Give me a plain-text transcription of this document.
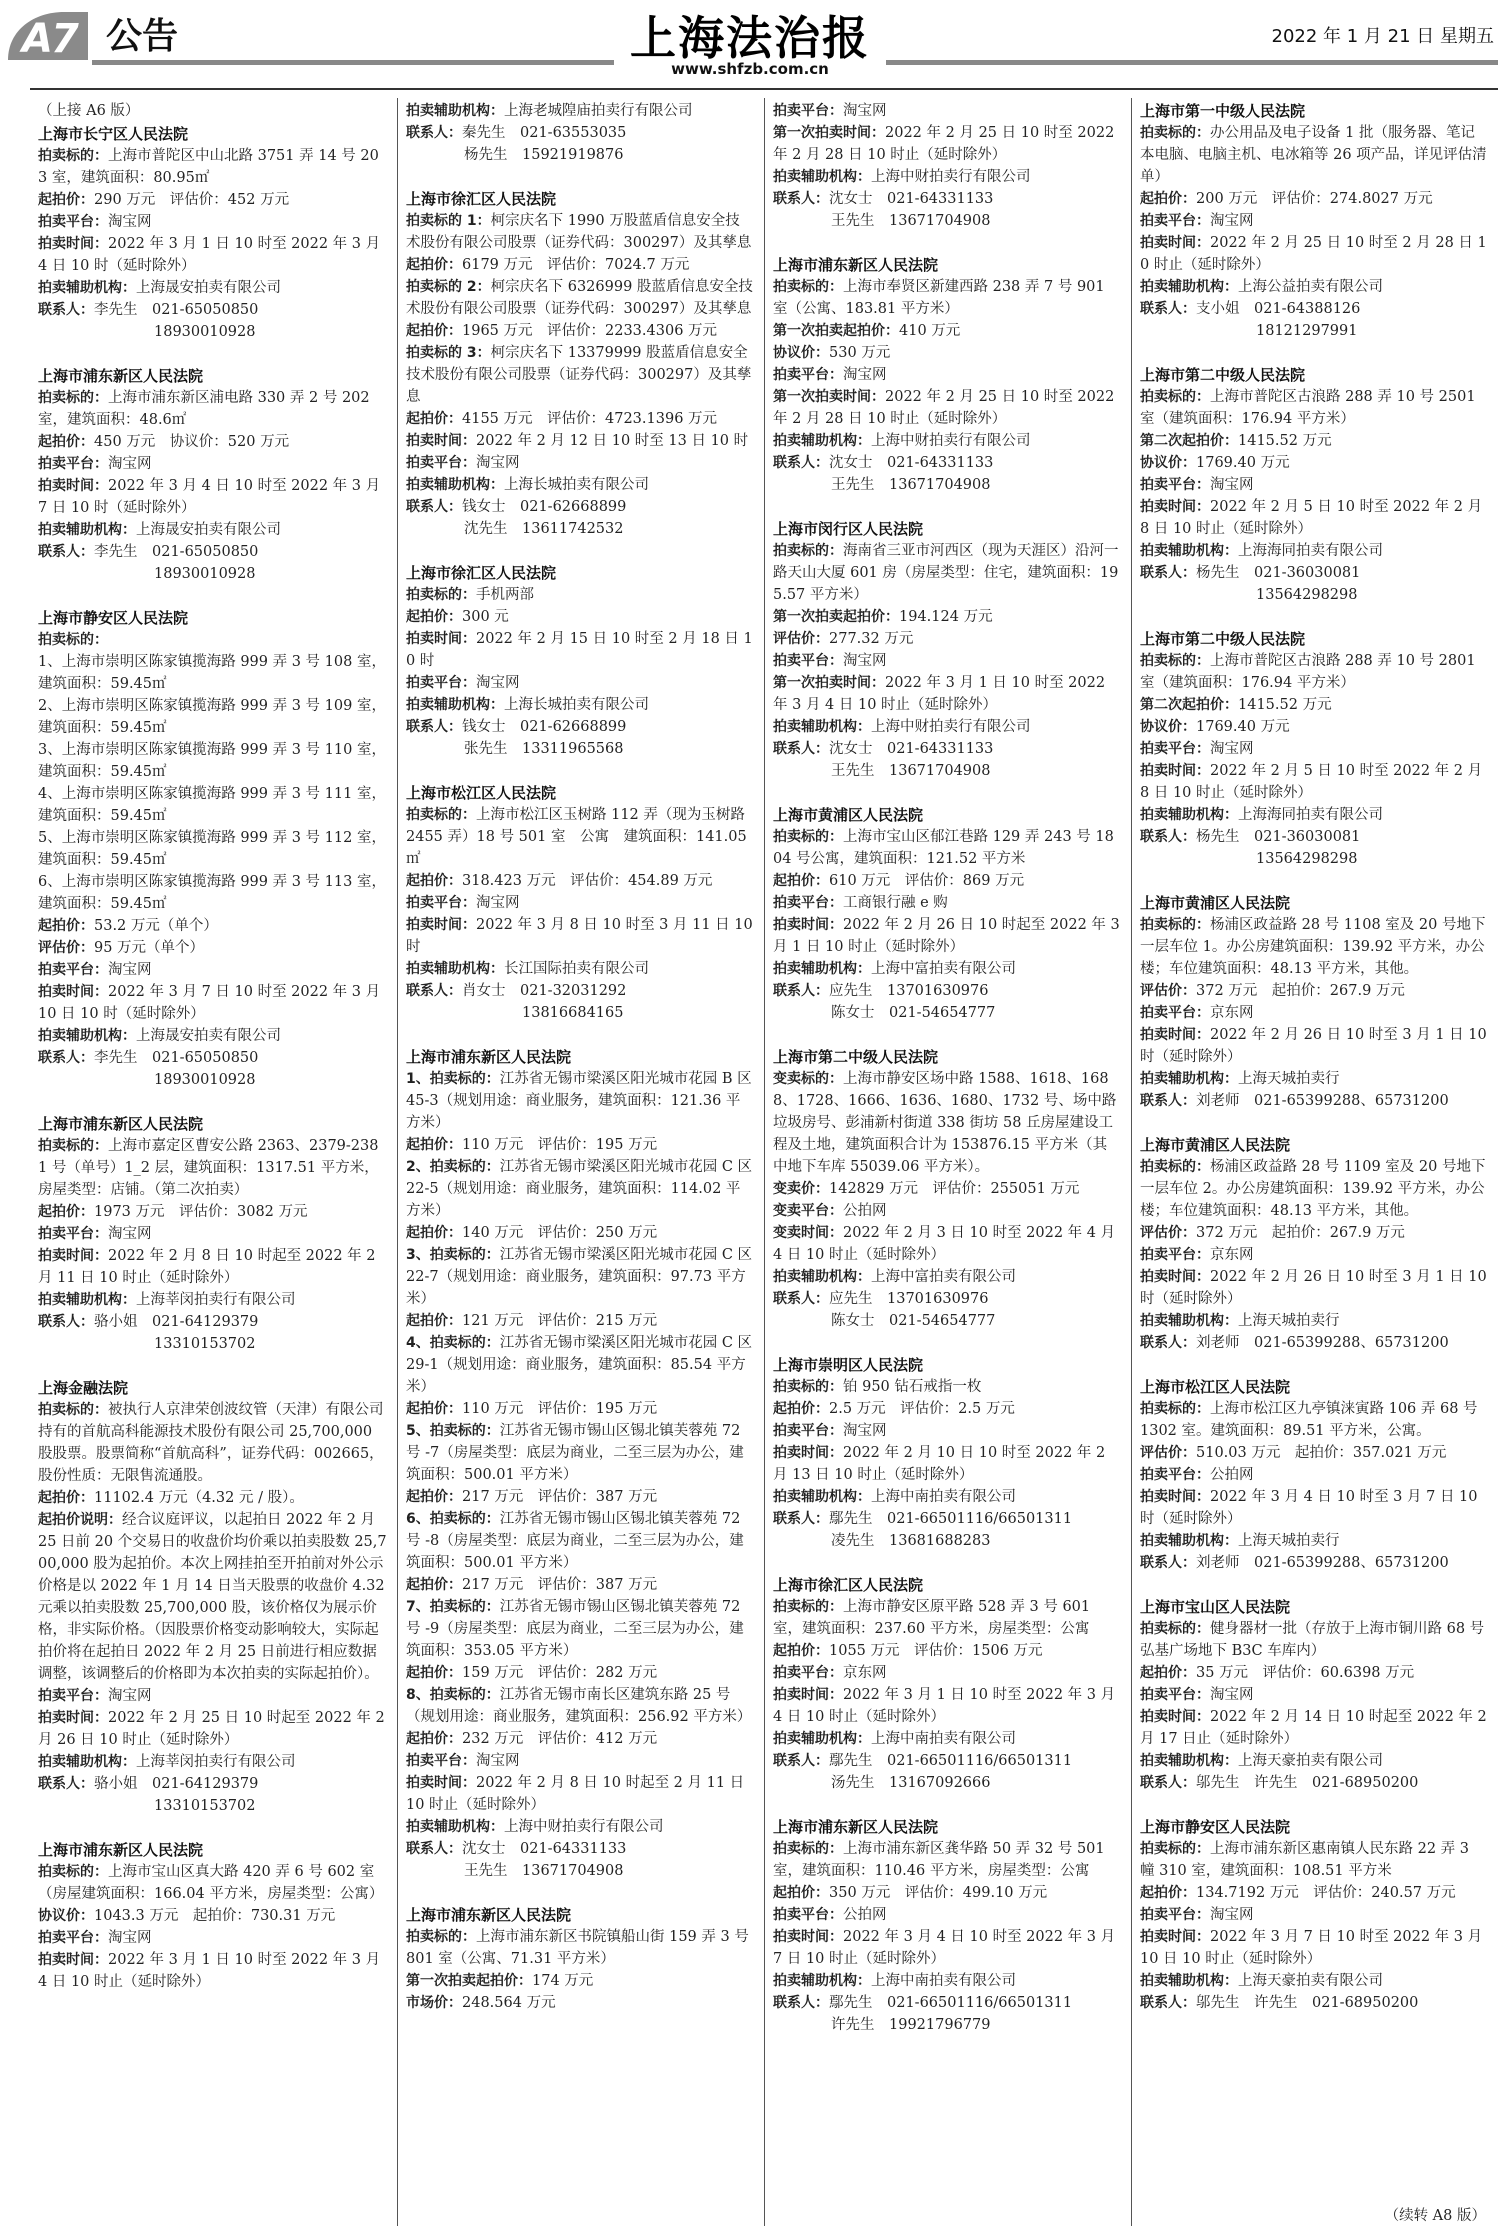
A7 公告	上海法治报
www.shfzb.com.cn
2022 年 1 月 21 日 星期五
（上接 A6 版）
上海市长宁区人民法院
拍卖标的：上海市普陀区中山北路 3751 弄 14 号 203 室，建筑面积：80.95㎡
起拍价：290 万元　评估价：452 万元
拍卖平台：淘宝网
拍卖时间：2022 年 3 月 1 日 10 时至 2022 年 3 月 4 日 10 时（延时除外）
拍卖辅助机构：上海晟安拍卖有限公司
联系人：李先生　021-65050850
　　　　　　　　18930010928
上海市浦东新区人民法院
拍卖标的：上海市浦东新区浦电路 330 弄 2 号 202 室，建筑面积：48.6㎡
起拍价：450 万元　协议价：520 万元
拍卖平台：淘宝网
拍卖时间：2022 年 3 月 4 日 10 时至 2022 年 3 月 7 日 10 时（延时除外）
拍卖辅助机构：上海晟安拍卖有限公司
联系人：李先生　021-65050850
　　　　　　　　18930010928
上海市静安区人民法院
拍卖标的：
1、上海市崇明区陈家镇揽海路 999 弄 3 号 108 室，建筑面积：59.45㎡
2、上海市崇明区陈家镇揽海路 999 弄 3 号 109 室，建筑面积：59.45㎡
3、上海市崇明区陈家镇揽海路 999 弄 3 号 110 室，建筑面积：59.45㎡
4、上海市崇明区陈家镇揽海路 999 弄 3 号 111 室，建筑面积：59.45㎡
5、上海市崇明区陈家镇揽海路 999 弄 3 号 112 室，建筑面积：59.45㎡
6、上海市崇明区陈家镇揽海路 999 弄 3 号 113 室，建筑面积：59.45㎡
起拍价：53.2 万元（单个）
评估价：95 万元（单个）
拍卖平台：淘宝网
拍卖时间：2022 年 3 月 7 日 10 时至 2022 年 3 月 10 日 10 时（延时除外）
拍卖辅助机构：上海晟安拍卖有限公司
联系人：李先生　021-65050850
　　　　　　　　18930010928
上海市浦东新区人民法院
拍卖标的：上海市嘉定区曹安公路 2363、2379-2381 号（单号）1_2 层，建筑面积：1317.51 平方米，房屋类型：店铺。（第二次拍卖）
起拍价：1973 万元　评估价：3082 万元
拍卖平台：淘宝网
拍卖时间：2022 年 2 月 8 日 10 时起至 2022 年 2 月 11 日 10 时止（延时除外）
拍卖辅助机构：上海莘闵拍卖行有限公司
联系人：骆小姐　021-64129379
　　　　　　　　13310153702
上海金融法院
拍卖标的：被执行人京津荣创波纹管（天津）有限公司持有的首航高科能源技术股份有限公司 25,700,000 股股票。股票简称“首航高科”，证券代码：002665，股份性质：无限售流通股。
起拍价：11102.4 万元（4.32 元 / 股）。
起拍价说明：经合议庭评议，以起拍日 2022 年 2 月 25 日前 20 个交易日的收盘价均价乘以拍卖股数 25,700,000 股为起拍价。本次上网挂拍至开拍前对外公示价格是以 2022 年 1 月 14 日当天股票的收盘价 4.32 元乘以拍卖股数 25,700,000 股，该价格仅为展示价格，非实际价格。（因股票价格变动影响较大，实际起拍价将在起拍日 2022 年 2 月 25 日前进行相应数据调整，该调整后的价格即为本次拍卖的实际起拍价）。
拍卖平台：淘宝网
拍卖时间：2022 年 2 月 25 日 10 时起至 2022 年 2 月 26 日 10 时止（延时除外）
拍卖辅助机构：上海莘闵拍卖行有限公司
联系人：骆小姐　021-64129379
　　　　　　　　13310153702
上海市浦东新区人民法院
拍卖标的：上海市宝山区真大路 420 弄 6 号 602 室（房屋建筑面积：166.04 平方米，房屋类型：公寓）
协议价：1043.3 万元　起拍价：730.31 万元
拍卖平台：淘宝网
拍卖时间：2022 年 3 月 1 日 10 时至 2022 年 3 月 4 日 10 时止（延时除外）
拍卖辅助机构：上海老城隍庙拍卖行有限公司
联系人：秦先生　021-63553035
　　　　杨先生　15921919876
上海市徐汇区人民法院
拍卖标的 1：柯宗庆名下 1990 万股蓝盾信息安全技术股份有限公司股票（证券代码：300297）及其孳息
起拍价：6179 万元　评估价：7024.7 万元
拍卖标的 2：柯宗庆名下 6326999 股蓝盾信息安全技术股份有限公司股票（证券代码：300297）及其孳息
起拍价：1965 万元　评估价：2233.4306 万元
拍卖标的 3：柯宗庆名下 13379999 股蓝盾信息安全技术股份有限公司股票（证券代码：300297）及其孳息
起拍价：4155 万元　评估价：4723.1396 万元
拍卖时间：2022 年 2 月 12 日 10 时至 13 日 10 时
拍卖平台：淘宝网
拍卖辅助机构：上海长城拍卖有限公司
联系人：钱女士　021-62668899
　　　　沈先生　13611742532
上海市徐汇区人民法院
拍卖标的：手机两部
起拍价：300 元
拍卖时间：2022 年 2 月 15 日 10 时至 2 月 18 日 10 时
拍卖平台：淘宝网
拍卖辅助机构：上海长城拍卖有限公司
联系人：钱女士　021-62668899
　　　　张先生　13311965568
上海市松江区人民法院
拍卖标的：上海市松江区玉树路 112 弄（现为玉树路 2455 弄）18 号 501 室　公寓　建筑面积：141.05㎡
起拍价：318.423 万元　评估价：454.89 万元
拍卖平台：淘宝网
拍卖时间：2022 年 3 月 8 日 10 时至 3 月 11 日 10 时
拍卖辅助机构：长江国际拍卖有限公司
联系人：肖女士　021-32031292
　　　　　　　　13816684165
上海市浦东新区人民法院
1、拍卖标的：江苏省无锡市梁溪区阳光城市花园 B 区 45-3（规划用途：商业服务，建筑面积：121.36 平方米）
起拍价：110 万元　评估价：195 万元
2、拍卖标的：江苏省无锡市梁溪区阳光城市花园 C 区 22-5（规划用途：商业服务，建筑面积：114.02 平方米）
起拍价：140 万元　评估价：250 万元
3、拍卖标的：江苏省无锡市梁溪区阳光城市花园 C 区 22-7（规划用途：商业服务，建筑面积：97.73 平方米）
起拍价：121 万元　评估价：215 万元
4、拍卖标的：江苏省无锡市梁溪区阳光城市花园 C 区 29-1（规划用途：商业服务，建筑面积：85.54 平方米）
起拍价：110 万元　评估价：195 万元
5、拍卖标的：江苏省无锡市锡山区锡北镇芙蓉苑 72 号 -7（房屋类型：底层为商业，二至三层为办公，建筑面积：500.01 平方米）
起拍价：217 万元　评估价：387 万元
6、拍卖标的：江苏省无锡市锡山区锡北镇芙蓉苑 72 号 -8（房屋类型：底层为商业，二至三层为办公，建筑面积：500.01 平方米）
起拍价：217 万元　评估价：387 万元
7、拍卖标的：江苏省无锡市锡山区锡北镇芙蓉苑 72 号 -9（房屋类型：底层为商业，二至三层为办公，建筑面积：353.05 平方米）
起拍价：159 万元　评估价：282 万元
8、拍卖标的：江苏省无锡市南长区建筑东路 25 号（规划用途：商业服务，建筑面积：256.92 平方米）
起拍价：232 万元　评估价：412 万元
拍卖平台：淘宝网
拍卖时间：2022 年 2 月 8 日 10 时起至 2 月 11 日 10 时止（延时除外）
拍卖辅助机构：上海中财拍卖行有限公司
联系人：沈女士　021-64331133
　　　　王先生　13671704908
上海市浦东新区人民法院
拍卖标的：上海市浦东新区书院镇船山街 159 弄 3 号 801 室（公寓、71.31 平方米）
第一次拍卖起拍价：174 万元
市场价：248.564 万元
拍卖平台：淘宝网
第一次拍卖时间：2022 年 2 月 25 日 10 时至 2022 年 2 月 28 日 10 时止（延时除外）
拍卖辅助机构：上海中财拍卖行有限公司
联系人：沈女士　021-64331133
　　　　王先生　13671704908
上海市浦东新区人民法院
拍卖标的：上海市奉贤区新建西路 238 弄 7 号 901 室（公寓、183.81 平方米）
第一次拍卖起拍价：410 万元
协议价：530 万元
拍卖平台：淘宝网
第一次拍卖时间：2022 年 2 月 25 日 10 时至 2022 年 2 月 28 日 10 时止（延时除外）
拍卖辅助机构：上海中财拍卖行有限公司
联系人：沈女士　021-64331133
　　　　王先生　13671704908
上海市闵行区人民法院
拍卖标的：海南省三亚市河西区（现为天涯区）沿河一路天山大厦 601 房（房屋类型：住宅，建筑面积：195.57 平方米）
第一次拍卖起拍价：194.124 万元
评估价：277.32 万元
拍卖平台：淘宝网
第一次拍卖时间：2022 年 3 月 1 日 10 时至 2022 年 3 月 4 日 10 时止（延时除外）
拍卖辅助机构：上海中财拍卖行有限公司
联系人：沈女士　021-64331133
　　　　王先生　13671704908
上海市黄浦区人民法院
拍卖标的：上海市宝山区郁江巷路 129 弄 243 号 1804 号公寓，建筑面积：121.52 平方米
起拍价：610 万元　评估价：869 万元
拍卖平台：工商银行融 e 购
拍卖时间：2022 年 2 月 26 日 10 时起至 2022 年 3 月 1 日 10 时止（延时除外）
拍卖辅助机构：上海中富拍卖有限公司
联系人：应先生　13701630976
　　　　陈女士　021-54654777
上海市第二中级人民法院
变卖标的：上海市静安区场中路 1588、1618、1688、1728、1666、1636、1680、1732 号、场中路垃圾房号、彭浦新村街道 338 街坊 58 丘房屋建设工程及土地，建筑面积合计为 153876.15 平方米（其中地下车库 55039.06 平方米）。
变卖价：142829 万元　评估价：255051 万元
变卖平台：公拍网
变卖时间：2022 年 2 月 3 日 10 时至 2022 年 4 月 4 日 10 时止（延时除外）
拍卖辅助机构：上海中富拍卖有限公司
联系人：应先生　13701630976
　　　　陈女士　021-54654777
上海市崇明区人民法院
拍卖标的：铂 950 钻石戒指一枚
起拍价：2.5 万元　评估价：2.5 万元
拍卖平台：淘宝网
拍卖时间：2022 年 2 月 10 日 10 时至 2022 年 2 月 13 日 10 时止（延时除外）
拍卖辅助机构：上海中南拍卖有限公司
联系人：鄢先生　021-66501116/66501311
　　　　凌先生　13681688283
上海市徐汇区人民法院
拍卖标的：上海市静安区原平路 528 弄 3 号 601 室，建筑面积：237.60 平方米，房屋类型：公寓
起拍价：1055 万元　评估价：1506 万元
拍卖平台：京东网
拍卖时间：2022 年 3 月 1 日 10 时至 2022 年 3 月 4 日 10 时止（延时除外）
拍卖辅助机构：上海中南拍卖有限公司
联系人：鄢先生　021-66501116/66501311
　　　　汤先生　13167092666
上海市浦东新区人民法院
拍卖标的：上海市浦东新区龚华路 50 弄 32 号 501 室，建筑面积：110.46 平方米，房屋类型：公寓
起拍价：350 万元　评估价：499.10 万元
拍卖平台：公拍网
拍卖时间：2022 年 3 月 4 日 10 时至 2022 年 3 月 7 日 10 时止（延时除外）
拍卖辅助机构：上海中南拍卖有限公司
联系人：鄢先生　021-66501116/66501311
　　　　许先生　19921796779
上海市第一中级人民法院
拍卖标的：办公用品及电子设备 1 批（服务器、笔记本电脑、电脑主机、电冰箱等 26 项产品，详见评估清单）
起拍价：200 万元　评估价：274.8027 万元
拍卖平台：淘宝网
拍卖时间：2022 年 2 月 25 日 10 时至 2 月 28 日 10 时止（延时除外）
拍卖辅助机构：上海公益拍卖有限公司
联系人：支小姐　021-64388126
　　　　　　　　18121297991
上海市第二中级人民法院
拍卖标的：上海市普陀区古浪路 288 弄 10 号 2501 室（建筑面积：176.94 平方米）
第二次起拍价：1415.52 万元
协议价：1769.40 万元
拍卖平台：淘宝网
拍卖时间：2022 年 2 月 5 日 10 时至 2022 年 2 月 8 日 10 时止（延时除外）
拍卖辅助机构：上海海同拍卖有限公司
联系人：杨先生　021-36030081
　　　　　　　　13564298298
上海市第二中级人民法院
拍卖标的：上海市普陀区古浪路 288 弄 10 号 2801 室（建筑面积：176.94 平方米）
第二次起拍价：1415.52 万元
协议价：1769.40 万元
拍卖平台：淘宝网
拍卖时间：2022 年 2 月 5 日 10 时至 2022 年 2 月 8 日 10 时止（延时除外）
拍卖辅助机构：上海海同拍卖有限公司
联系人：杨先生　021-36030081
　　　　　　　　13564298298
上海市黄浦区人民法院
拍卖标的：杨浦区政益路 28 号 1108 室及 20 号地下一层车位 1。办公房建筑面积：139.92 平方米，办公楼；车位建筑面积：48.13 平方米，其他。
评估价：372 万元　起拍价：267.9 万元
拍卖平台：京东网
拍卖时间：2022 年 2 月 26 日 10 时至 3 月 1 日 10 时（延时除外）
拍卖辅助机构：上海天城拍卖行
联系人：刘老师　021-65399288、65731200
上海市黄浦区人民法院
拍卖标的：杨浦区政益路 28 号 1109 室及 20 号地下一层车位 2。办公房建筑面积：139.92 平方米，办公楼；车位建筑面积：48.13 平方米，其他。
评估价：372 万元　起拍价：267.9 万元
拍卖平台：京东网
拍卖时间：2022 年 2 月 26 日 10 时至 3 月 1 日 10 时（延时除外）
拍卖辅助机构：上海天城拍卖行
联系人：刘老师　021-65399288、65731200
上海市松江区人民法院
拍卖标的：上海市松江区九亭镇涞寅路 106 弄 68 号 1302 室。建筑面积：89.51 平方米，公寓。
评估价：510.03 万元　起拍价：357.021 万元
拍卖平台：公拍网
拍卖时间：2022 年 3 月 4 日 10 时至 3 月 7 日 10 时（延时除外）
拍卖辅助机构：上海天城拍卖行
联系人：刘老师　021-65399288、65731200
上海市宝山区人民法院
拍卖标的：健身器材一批（存放于上海市铜川路 68 号弘基广场地下 B3C 车库内）
起拍价：35 万元　评估价：60.6398 万元
拍卖平台：淘宝网
拍卖时间：2022 年 2 月 14 日 10 时起至 2022 年 2 月 17 日止（延时除外）
拍卖辅助机构：上海天豪拍卖有限公司
联系人：邬先生　许先生　021-68950200
上海市静安区人民法院
拍卖标的：上海市浦东新区惠南镇人民东路 22 弄 3 幢 310 室，建筑面积：108.51 平方米
起拍价：134.7192 万元　评估价：240.57 万元
拍卖平台：淘宝网
拍卖时间：2022 年 3 月 7 日 10 时至 2022 年 3 月 10 日 10 时止（延时除外）
拍卖辅助机构：上海天豪拍卖有限公司
联系人：邬先生　许先生　021-68950200
（续转 A8 版）
